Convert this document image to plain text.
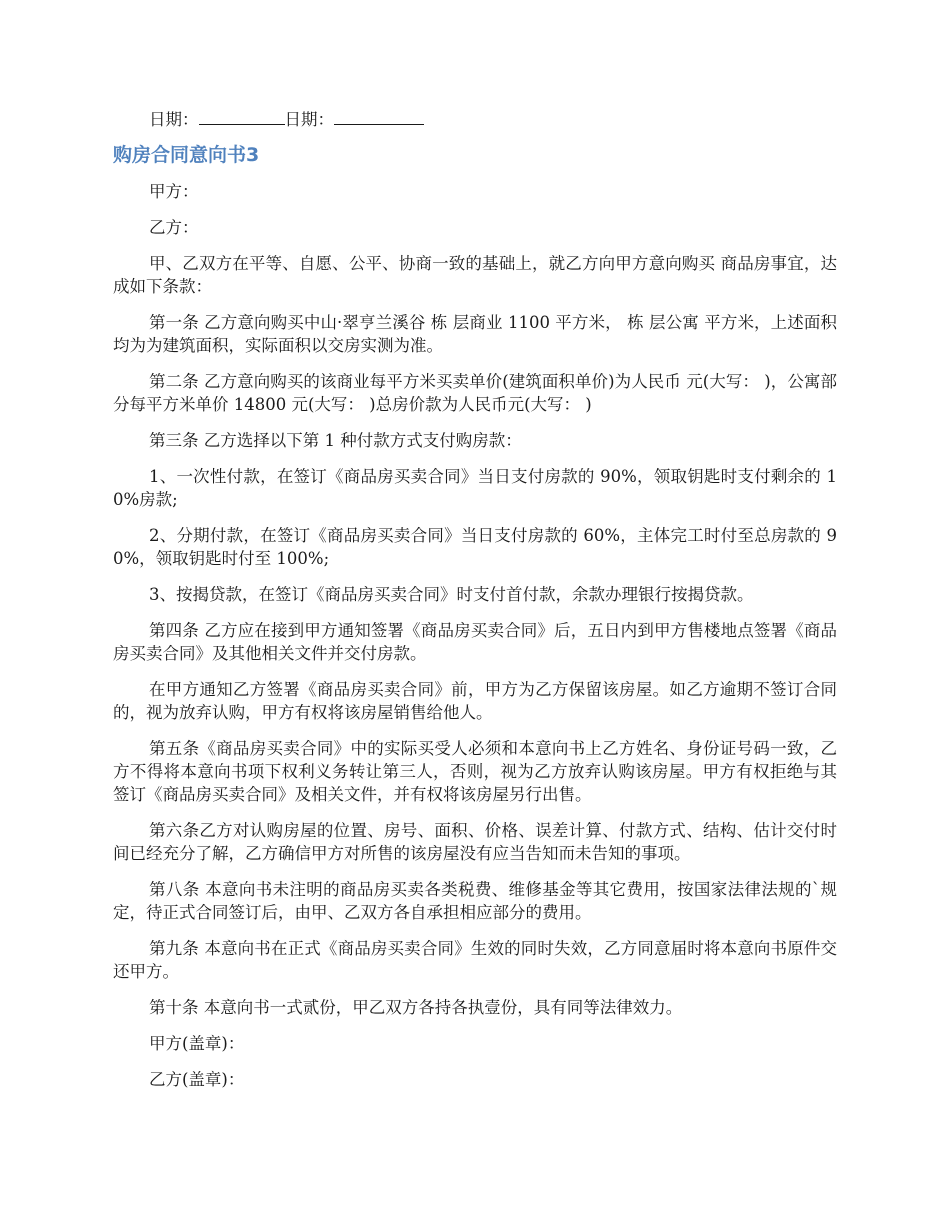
日期：	日期：

购房合同意向书3

甲方：

乙方：

甲、乙双方在平等、自愿、公平、协商一致的基础上，就乙方向甲方意向购买 商品房事宜，达成如下条款：

第一条 乙方意向购买中山·翠亨兰溪谷 栋 层商业 1100 平方米， 栋 层公寓 平方米，上述面积均为为建筑面积，实际面积以交房实测为准。

第二条 乙方意向购买的该商业每平方米买卖单价(建筑面积单价)为人民币 元(大写： )，公寓部分每平方米单价 14800 元(大写： )总房价款为人民币元(大写： )

第三条 乙方选择以下第 1 种付款方式支付购房款：

1、一次性付款，在签订《商品房买卖合同》当日支付房款的 90%，领取钥匙时支付剩余的 10%房款;

2、分期付款，在签订《商品房买卖合同》当日支付房款的 60%，主体完工时付至总房款的 90%，领取钥匙时付至 100%;

3、按揭贷款，在签订《商品房买卖合同》时支付首付款，余款办理银行按揭贷款。

第四条 乙方应在接到甲方通知签署《商品房买卖合同》后，五日内到甲方售楼地点签署《商品房买卖合同》及其他相关文件并交付房款。

在甲方通知乙方签署《商品房买卖合同》前，甲方为乙方保留该房屋。如乙方逾期不签订合同的，视为放弃认购，甲方有权将该房屋销售给他人。

第五条《商品房买卖合同》中的实际买受人必须和本意向书上乙方姓名、身份证号码一致，乙方不得将本意向书项下权利义务转让第三人，否则，视为乙方放弃认购该房屋。甲方有权拒绝与其签订《商品房买卖合同》及相关文件，并有权将该房屋另行出售。

第六条乙方对认购房屋的位置、房号、面积、价格、误差计算、付款方式、结构、估计交付时间已经充分了解，乙方确信甲方对所售的该房屋没有应当告知而未告知的事项。

第八条 本意向书未注明的商品房买卖各类税费、维修基金等其它费用，按国家法律法规的`规定，待正式合同签订后，由甲、乙双方各自承担相应部分的费用。

第九条 本意向书在正式《商品房买卖合同》生效的同时失效，乙方同意届时将本意向书原件交还甲方。

第十条 本意向书一式贰份，甲乙双方各持各执壹份，具有同等法律效力。

甲方(盖章)：

乙方(盖章)：
